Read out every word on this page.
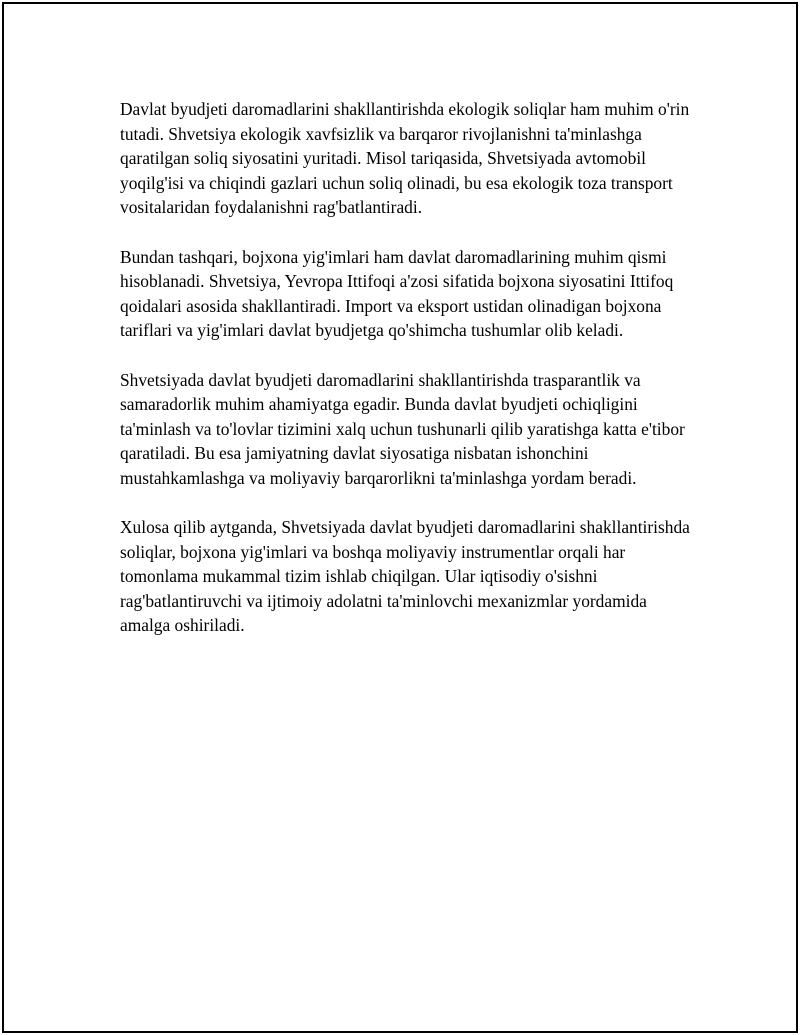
Davlat byudjeti daromadlarini shakllantirishda ekologik soliqlar ham muhim o'rin tutadi. Shvetsiya ekologik xavfsizlik va barqaror rivojlanishni ta'minlashga qaratilgan soliq siyosatini yuritadi. Misol tariqasida, Shvetsiyada avtomobil yoqilg'isi va chiqindi gazlari uchun soliq olinadi, bu esa ekologik toza transport vositalaridan foydalanishni rag'batlantiradi.

Bundan tashqari, bojxona yig'imlari ham davlat daromadlarining muhim qismi hisoblanadi. Shvetsiya, Yevropa Ittifoqi a'zosi sifatida bojxona siyosatini Ittifoq qoidalari asosida shakllantiradi. Import va eksport ustidan olinadigan bojxona tariflari va yig'imlari davlat byudjetga qo'shimcha tushumlar olib keladi.

Shvetsiyada davlat byudjeti daromadlarini shakllantirishda trasparantlik va samaradorlik muhim ahamiyatga egadir. Bunda davlat byudjeti ochiqligini ta'minlash va to'lovlar tizimini xalq uchun tushunarli qilib yaratishga katta e'tibor qaratiladi. Bu esa jamiyatning davlat siyosatiga nisbatan ishonchini mustahkamlashga va moliyaviy barqarorlikni ta'minlashga yordam beradi.

Xulosa qilib aytganda, Shvetsiyada davlat byudjeti daromadlarini shakllantirishda soliqlar, bojxona yig'imlari va boshqa moliyaviy instrumentlar orqali har tomonlama mukammal tizim ishlab chiqilgan. Ular iqtisodiy o'sishni rag'batlantiruvchi va ijtimoiy adolatni ta'minlovchi mexanizmlar yordamida amalga oshiriladi.
